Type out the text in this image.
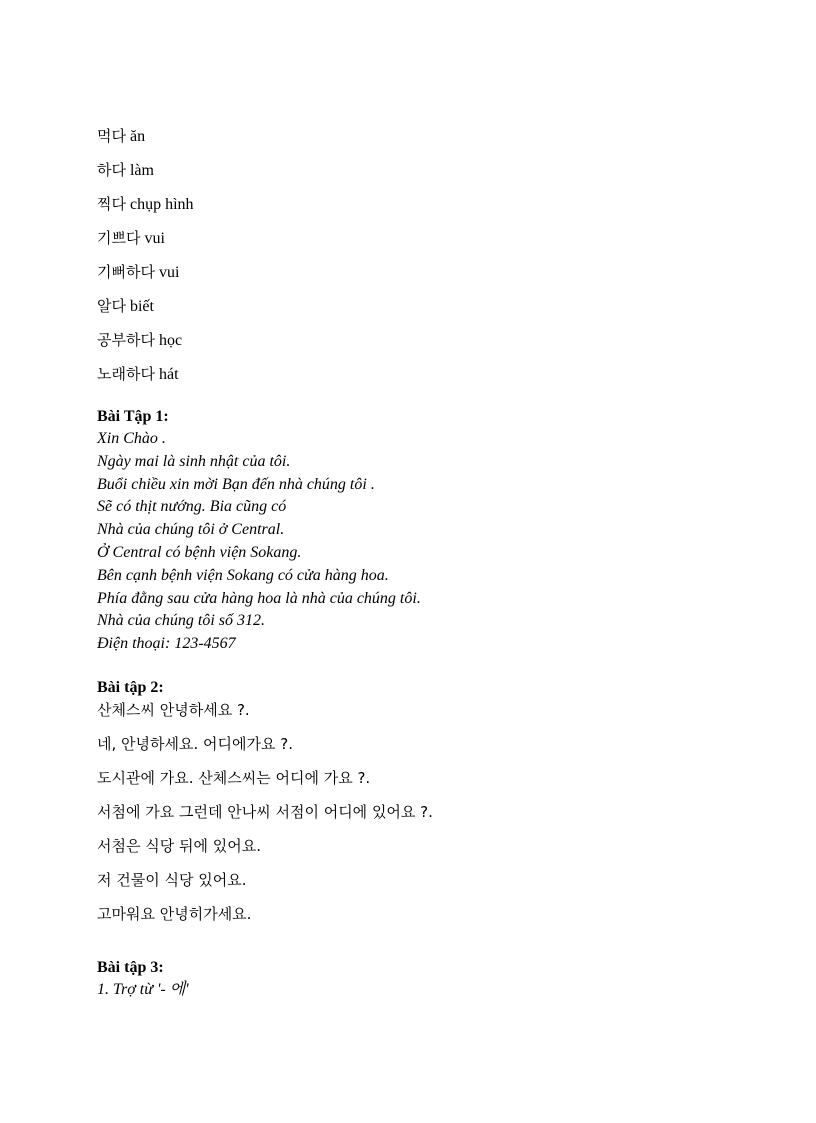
먹다 ăn
하다 làm
찍다 chụp hình
기쁘다 vui
기뻐하다 vui
알다 biết
공부하다 học
노래하다 hát
Bài Tập 1:
Xin Chào .
Ngày mai là sinh nhật của tôi.
Buổi chiều xin mời Bạn đến nhà chúng tôi .
Sẽ có thịt nướng. Bia cũng có
Nhà của chúng tôi ở Central.
Ở Central có bệnh viện Sokang.
Bên cạnh bệnh viện Sokang có cửa hàng hoa.
Phía đằng sau cửa hàng hoa là nhà của chúng tôi.
Nhà của chúng tôi số 312.
Điện thoại: 123-4567
Bài tập 2:
산체스씨 안녕하세요 ?.
네, 안녕하세요. 어디에가요 ?.
도시관에 가요. 산체스씨는 어디에 가요 ?.
서첨에 가요 그런데 안나씨 서점이 어디에 있어요 ?.
서첨은 식당 뒤에 있어요.
저 건물이 식당 있어요.
고마워요 안녕히가세요.
Bài tập 3:
1. Trợ từ '- 에'
